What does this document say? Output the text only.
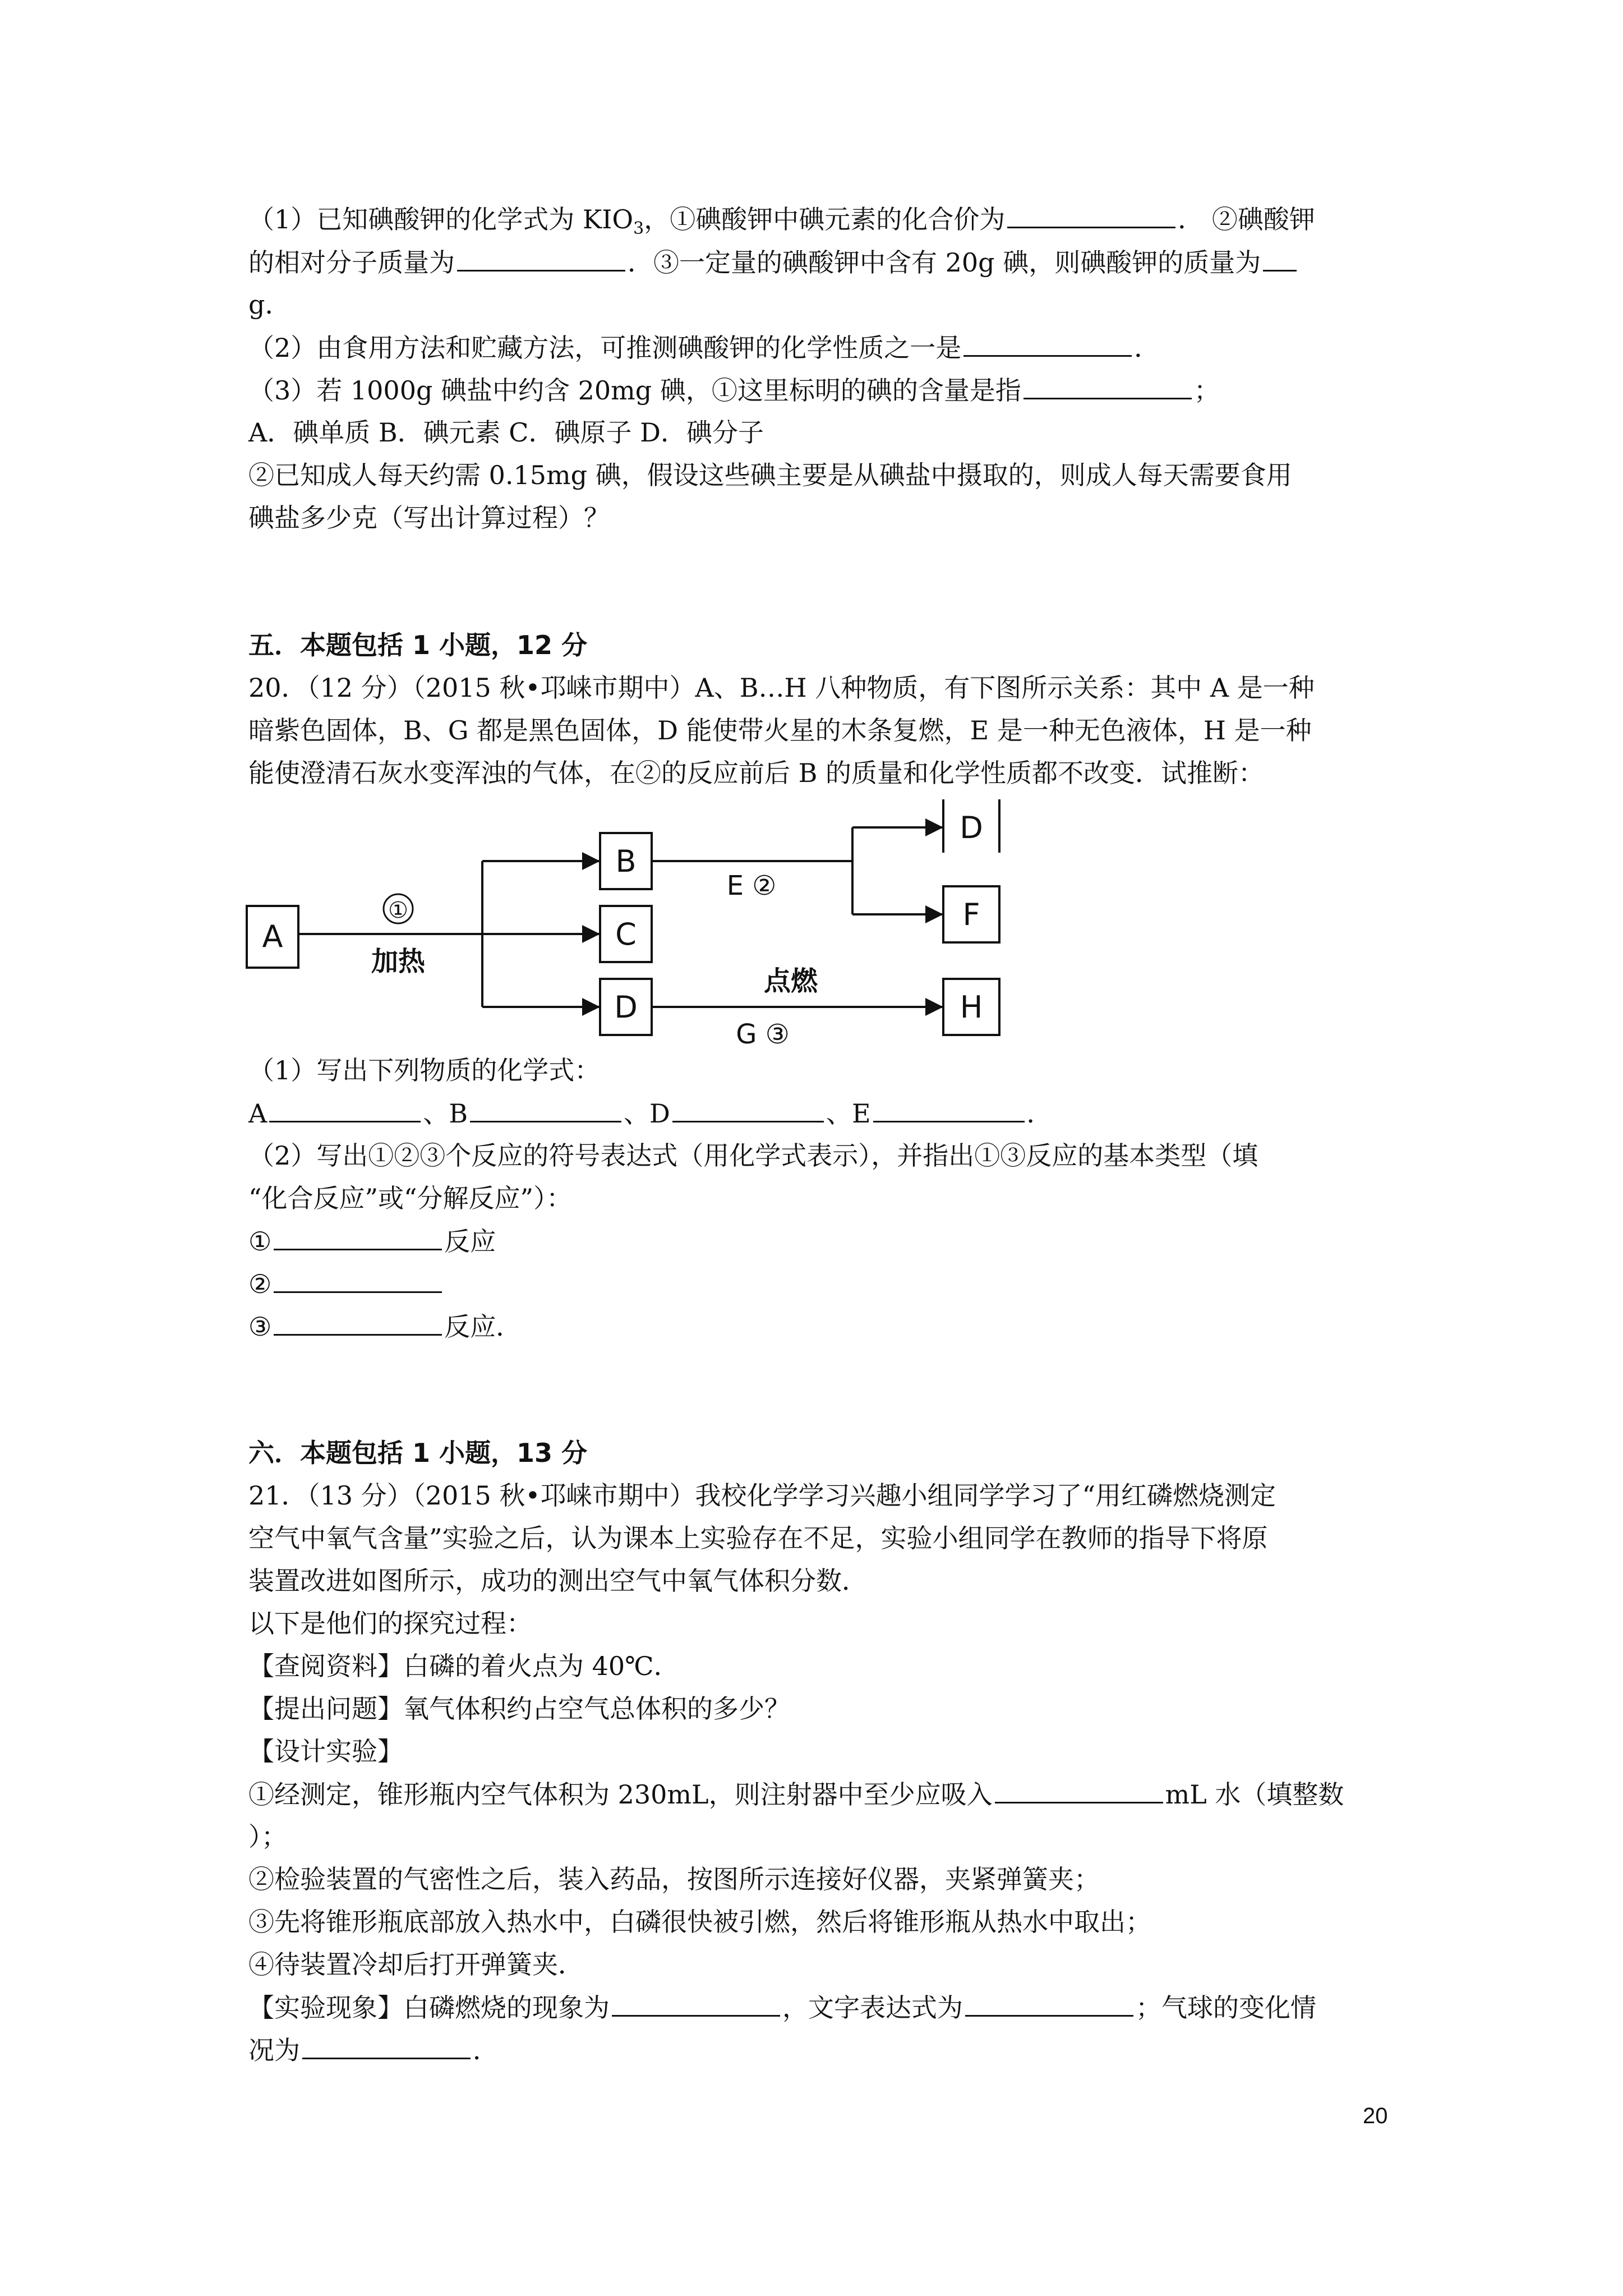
（1）已知碘酸钾的化学式为 $KIO_3$，①碘酸钾中碘元素的化合价为	． ②碘酸钾
的相对分子质量为	．③一定量的碘酸钾中含有 20g 碘，则碘酸钾的质量为
g．
（2）由食用方法和贮藏方法，可推测碘酸钾的化学性质之一是	．
（3）若 1000g 碘盐中约含 20mg 碘，①这里标明的碘的含量是指	；
A．碘单质 B．碘元素 C．碘原子 D．碘分子
②已知成人每天约需 0.15mg 碘，假设这些碘主要是从碘盐中摄取的，则成人每天需要食用
碘盐多少克（写出计算过程）？
五．本题包括 1 小题，12 分
20．（12 分）（2015 秋•邛崃市期中）A、B…H 八种物质，有下图所示关系：其中 A 是一种
暗紫色固体，B、G 都是黑色固体，D 能使带火星的木条复燃，E 是一种无色液体，H 是一种
能使澄清石灰水变浑浊的气体，在②的反应前后 B 的质量和化学性质都不改变．试推断：
A
B
C
D
D
F
H
①
加热
E ②
点燃
G ③
（1）写出下列物质的化学式：
A	、B	、D	、E	．
（2）写出①②③个反应的符号表达式（用化学式表示），并指出①③反应的基本类型（填
“化合反应”或“分解反应”）：
①	反应
②
③	反应．
六．本题包括 1 小题，13 分
21．（13 分）（2015 秋•邛崃市期中）我校化学学习兴趣小组同学学习了“用红磷燃烧测定
空气中氧气含量”实验之后，认为课本上实验存在不足，实验小组同学在教师的指导下将原
装置改进如图所示，成功的测出空气中氧气体积分数．
以下是他们的探究过程：
【查阅资料】白磷的着火点为 40℃．
【提出问题】氧气体积约占空气总体积的多少？
【设计实验】
①经测定，锥形瓶内空气体积为 230mL，则注射器中至少应吸入	mL 水（填整数
）；
②检验装置的气密性之后，装入药品，按图所示连接好仪器，夹紧弹簧夹；
③先将锥形瓶底部放入热水中，白磷很快被引燃，然后将锥形瓶从热水中取出；
④待装置冷却后打开弹簧夹．
【实验现象】白磷燃烧的现象为	，文字表达式为	；气球的变化情
况为	．
20
